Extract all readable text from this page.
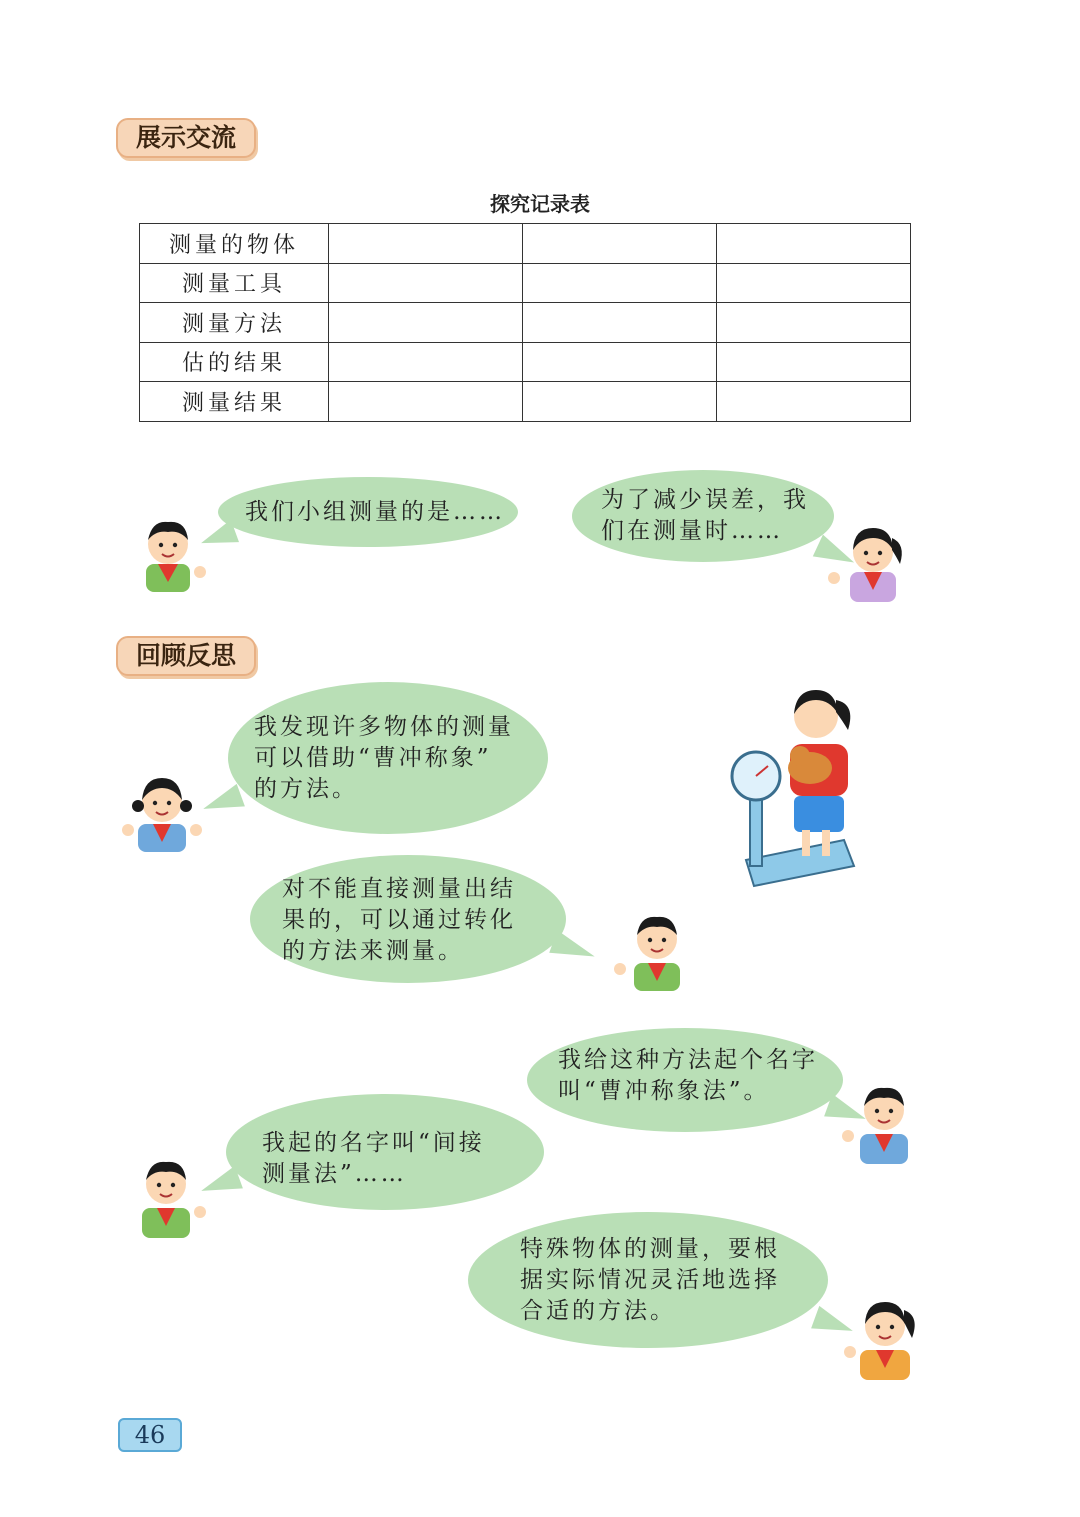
展示交流
探究记录表
测量的物体			
测量工具			
测量方法			
估的结果			
测量结果			
我们小组测量的是……	为了减少误差，我
们在测量时……
回顾反思
我发现许多物体的测量
可以借助“曹冲称象”
的方法。
对不能直接测量出结
果的，可以通过转化
的方法来测量。
我给这种方法起个名字
叫“曹冲称象法”。
我起的名字叫“间接
测量法”……
特殊物体的测量，要根
据实际情况灵活地选择
合适的方法。
46
